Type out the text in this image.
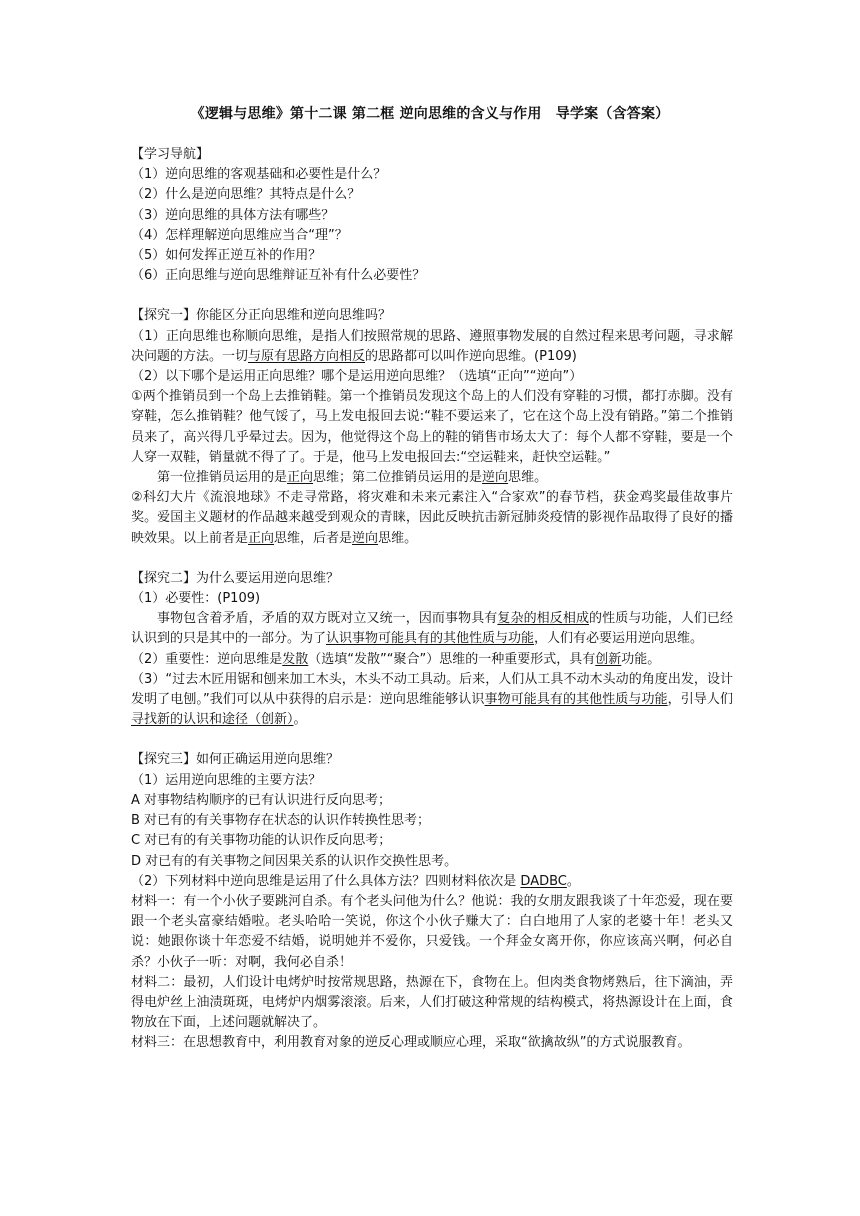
《逻辑与思维》第十二课 第二框 逆向思维的含义与作用　导学案（含答案）

【学习导航】

（1）逆向思维的客观基础和必要性是什么？

（2）什么是逆向思维？其特点是什么？

（3）逆向思维的具体方法有哪些？

（4）怎样理解逆向思维应当合“理”？

（5）如何发挥正逆互补的作用？

（6）正向思维与逆向思维辩证互补有什么必要性？

【探究一】你能区分正向思维和逆向思维吗？

（1）正向思维也称顺向思维，是指人们按照常规的思路、遵照事物发展的自然过程来思考问题，寻求解决问题的方法。一切与原有思路方向相反的思路都可以叫作逆向思维。(P109)

（2）以下哪个是运用正向思维？哪个是运用逆向思维？（选填“正向”“逆向”）

①两个推销员到一个岛上去推销鞋。第一个推销员发现这个岛上的人们没有穿鞋的习惯，都打赤脚。没有穿鞋，怎么推销鞋？他气馁了，马上发电报回去说:“鞋不要运来了，它在这个岛上没有销路。”第二个推销员来了，高兴得几乎晕过去。因为，他觉得这个岛上的鞋的销售市场太大了：每个人都不穿鞋，要是一个人穿一双鞋，销量就不得了了。于是，他马上发电报回去:“空运鞋来，赶快空运鞋。”

第一位推销员运用的是正向思维；第二位推销员运用的是逆向思维。

②科幻大片《流浪地球》不走寻常路，将灾难和未来元素注入“合家欢”的春节档，获金鸡奖最佳故事片奖。爱国主义题材的作品越来越受到观众的青睐，因此反映抗击新冠肺炎疫情的影视作品取得了良好的播映效果。以上前者是正向思维，后者是逆向思维。

【探究二】为什么要运用逆向思维？

（1）必要性：(P109)

事物包含着矛盾，矛盾的双方既对立又统一，因而事物具有复杂的相反相成的性质与功能，人们已经认识到的只是其中的一部分。为了认识事物可能具有的其他性质与功能，人们有必要运用逆向思维。

（2）重要性：逆向思维是发散（选填“发散”“聚合”）思维的一种重要形式，具有创新功能。

（3）“过去木匠用锯和刨来加工木头，木头不动工具动。后来，人们从工具不动木头动的角度出发，设计发明了电刨。”我们可以从中获得的启示是：逆向思维能够认识事物可能具有的其他性质与功能，引导人们寻找新的认识和途径（创新）。

【探究三】如何正确运用逆向思维？

（1）运用逆向思维的主要方法？

A 对事物结构顺序的已有认识进行反向思考；

B 对已有的有关事物存在状态的认识作转换性思考；

C 对已有的有关事物功能的认识作反向思考；

D 对已有的有关事物之间因果关系的认识作交换性思考。

（2）下列材料中逆向思维是运用了什么具体方法？四则材料依次是 DADBC。

材料一：有一个小伙子要跳河自杀。有个老头问他为什么？他说：我的女朋友跟我谈了十年恋爱，现在要跟一个老头富豪结婚啦。老头哈哈一笑说，你这个小伙子赚大了：白白地用了人家的老婆十年！老头又说：她跟你谈十年恋爱不结婚，说明她并不爱你，只爱钱。一个拜金女离开你，你应该高兴啊，何必自杀？小伙子一听：对啊，我何必自杀！

材料二：最初，人们设计电烤炉时按常规思路，热源在下，食物在上。但肉类食物烤熟后，往下滴油，弄得电炉丝上油渍斑斑，电烤炉内烟雾滚滚。后来，人们打破这种常规的结构模式，将热源设计在上面，食物放在下面，上述问题就解决了。

材料三：在思想教育中，利用教育对象的逆反心理或顺应心理，采取“欲擒故纵”的方式说服教育。
